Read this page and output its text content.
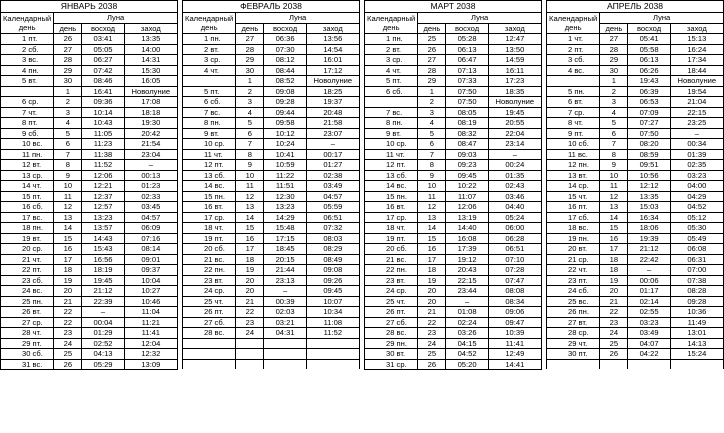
ЯНВАРЬ 2038			
Календарный
день	Луна		
	день	восход	заход
1 пт.	26	03:41	13:35
2 сб.	27	05:05	14:00
3 вс.	28	06:27	14:31
4 пн.	29	07:42	15:30
5 вт.	30	08:46	16:05
	1	16:41	Новолуние
6 ср.	2	09:36	17:08
7 чт.	3	10:14	18:18
8 пт.	4	10:43	19:30
9 сб.	5	11:05	20:42
10 вс.	6	11:23	21:54
11 пн.	7	11:38	23:04
12 вт.	8	11:52	–
13 ср.	9	12:06	00:13
14 чт.	10	12:21	01:23
15 пт.	11	12:37	02:33
16 сб.	12	12:57	03:45
17 вс.	13	13:23	04:57
18 пн.	14	13:57	06:09
19 вт.	15	14:43	07:16
20 ср.	16	15:43	08:14
21 чт.	17	16:56	09:01
22 пт.	18	18:19	09:37
23 сб.	19	19:45	10:04
24 вс.	20	21:12	10:27
25 пн.	21	22:39	10:46
26 вт.	22	–	11:04
27 ср.	22	00:04	11:21
28 чт.	23	01:29	11:41
29 пт.	24	02:52	12:04
30 сб.	25	04:13	12:32
31 вс.	26	05:29	13:09
ФЕВРАЛЬ 2038			
Календарный
день	Луна		
	день	восход	заход
1 пн.	27	06:36	13:56
2 вт.	28	07:30	14:54
3 ср.	29	08:12	16:01
4 чт.	30	08:44	17:12
	1	08:52	Новолуние
5 пт.	2	09:08	18:25
6 сб.	3	09:28	19:37
7 вс.	4	09:44	20:48
8 пн.	5	09:58	21:58
9 вт.	6	10:12	23:07
10 ср.	7	10:24	–
11 чт.	8	10:41	00:17
12 пт.	9	10:59	01:27
13 сб.	10	11:22	02:38
14 вс.	11	11:51	03:49
15 пн.	12	12:30	04:57
16 вт.	13	13:23	05:59
17 ср.	14	14:29	06:51
18 чт.	15	15:48	07:32
19 пт.	16	17:15	08:03
20 сб.	17	18:45	08:29
21 вс.	18	20:15	08:49
22 пн.	19	21:44	09:08
23 вт.	20	23:13	09:26
24 ср.	20	–	09:45
25 чт.	21	00:39	10:07
26 пт.	22	02:03	10:34
27 сб.	23	03:21	11:08
28 вс.	24	04:31	11:52

МАРТ 2038			
Календарный
день	Луна		
	день	восход	заход
1 пн.	25	05:28	12:47
2 вт.	26	06:13	13:50
3 ср.	27	06:47	14:59
4 чт.	28	07:13	16:11
5 пт.	29	07:33	17:23
6 сб.	1	07:50	18:35
	2	07:50	Новолуние
7 вс.	3	08:05	19:45
8 пн.	4	08:19	20:55
9 вт.	5	08:32	22:04
10 ср.	6	08:47	23:14
11 чт.	7	09:03	–
12 пт.	8	09:23	00:24
13 сб.	9	09:45	01:35
14 вс.	10	10:22	02:43
15 пн.	11	11:07	03:46
16 вт.	12	12:06	04:40
17 ср.	13	13:19	05:24
18 чт.	14	14:40	06:00
19 пт.	15	16:08	06:28
20 сб.	16	17:39	06:51
21 вс.	17	19:12	07:10
22 пн.	18	20:43	07:28
23 вт.	19	22:15	07:47
24 ср.	20	23:44	08:08
25 чт.	20	–	08:34
26 пт.	21	01:08	09:06
27 сб.	22	02:24	09:47
28 вс.	23	03:26	10:39
29 пн.	24	04:15	11:41
30 вт.	25	04:52	12:49
31 ср.	26	05:20	14:41
АПРЕЛЬ 2038			
Календарный
день	Луна		
	день	восход	заход
1 чт.	27	05:41	15:13
2 пт.	28	05:58	16:24
3 сб.	29	06:13	17:34
4 вс.	30	06:26	18:44
	1	19:43	Новолуние
5 пн.	2	06:39	19:54
6 вт.	3	06:53	21:04
7 ср.	4	07:09	22:15
8 чт.	5	07:27	23:25
9 пт.	6	07:50	–
10 сб.	7	08:20	00:34
11 вс.	8	08:59	01:39
12 пн.	9	09:51	02:35
13 вт.	10	10:56	03:23
14 ср.	11	12:12	04:00
15 чт.	12	13:35	04:29
16 пт.	13	15:03	04:52
17 сб.	14	16:34	05:12
18 вс.	15	18:06	05:30
19 пн.	16	19:39	05:49
20 вт.	17	21:12	06:08
21 ср.	18	22:42	06:31
22 чт.	18	–	07:00
23 пт.	19	00:06	07:38
24 сб.	20	01:17	08:28
25 вс.	21	02:14	09:28
26 пн.	22	02:55	10:36
27 вт.	23	03:23	11:49
28 ср.	24	03:49	13:01
29 чт.	25	04:07	14:13
30 пт.	26	04:22	15:24
